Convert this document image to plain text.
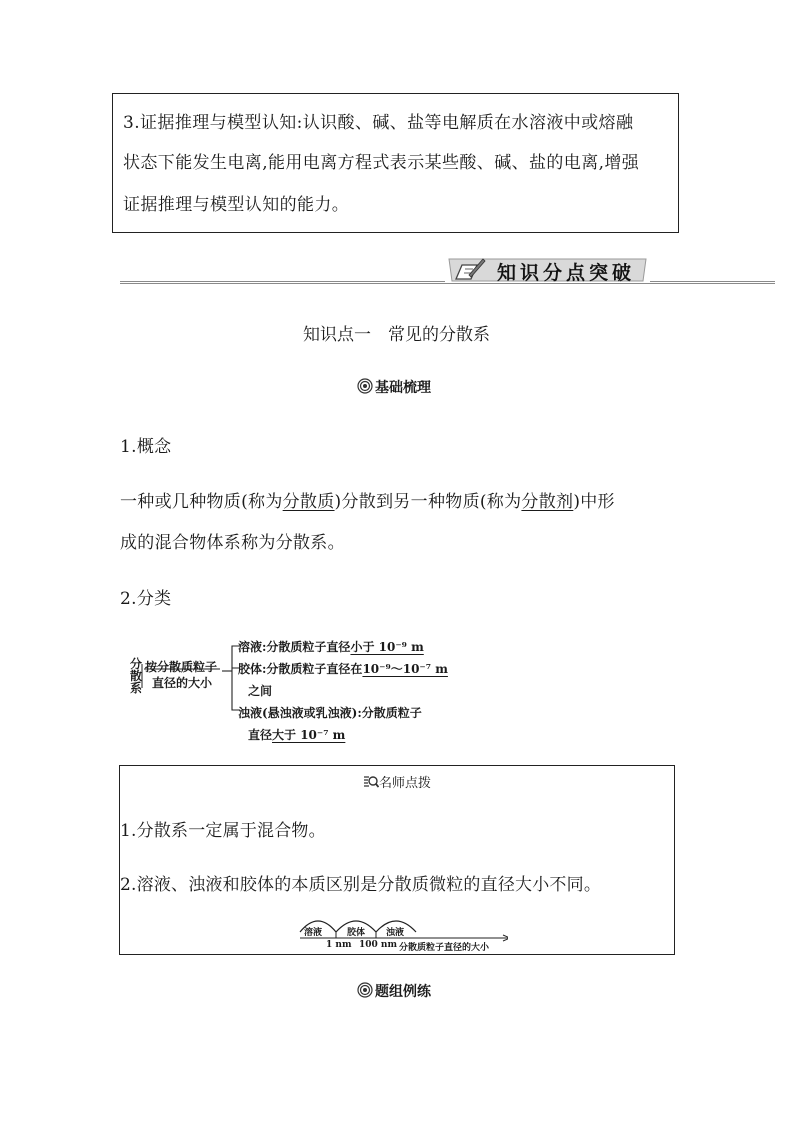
3.证据推理与模型认知:认识酸、碱、盐等电解质在水溶液中或熔融
状态下能发生电离,能用电离方程式表示某些酸、碱、盐的电离,增强
证据推理与模型认知的能力。
知识分点突破
知识点一　常见的分散系
基础梳理
1.概念
一种或几种物质(称为分散质)分散到另一种物质(称为分散剂)中形
成的混合物体系称为分散系。
2.分类
分
散
系
按分散质粒子
直径的大小
溶液:分散质粒子直径小于 10⁻⁹ m
胶体:分散质粒子直径在10⁻⁹～10⁻⁷ m
之间
浊液(悬浊液或乳浊液):分散质粒子
直径大于 10⁻⁷ m
名师点拨
1.分散系一定属于混合物。
2.溶液、浊液和胶体的本质区别是分散质微粒的直径大小不同。
溶液	胶体 浊液
1 nm 100 nm 分散质粒子直径的大小
题组例练
